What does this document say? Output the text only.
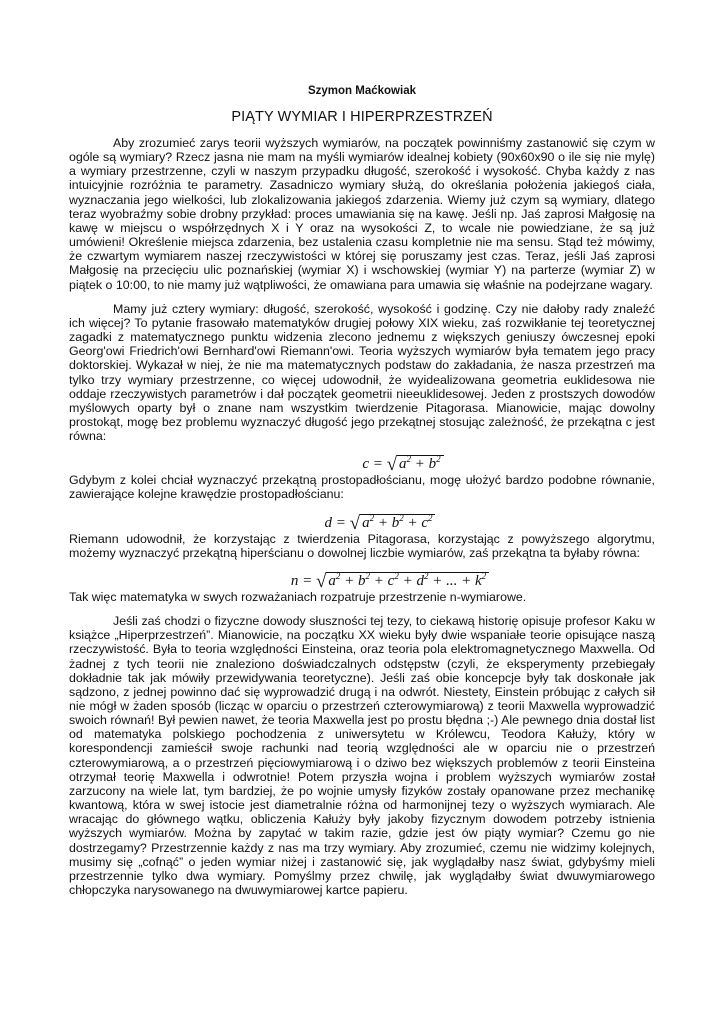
Szymon Maćkowiak
PIĄTY WYMIAR I HIPERPRZESTRZEŃ

Aby zrozumieć zarys teorii wyższych wymiarów, na początek powinniśmy zastanowić się czym w ogóle są wymiary? Rzecz jasna nie mam na myśli wymiarów idealnej kobiety (90x60x90 o ile się nie mylę) a wymiary przestrzenne, czyli w naszym przypadku długość, szerokość i wysokość. Chyba każdy z nas intuicyjnie rozróżnia te parametry. Zasadniczo wymiary służą, do określania położenia jakiegoś ciała, wyznaczania jego wielkości, lub zlokalizowania jakiegoś zdarzenia. Wiemy już czym są wymiary, dlatego teraz wyobraźmy sobie drobny przykład: proces umawiania się na kawę. Jeśli np. Jaś zaprosi Małgosię na kawę w miejscu o współrzędnych X i Y oraz na wysokości Z, to wcale nie powiedziane, że są już umówieni! Określenie miejsca zdarzenia, bez ustalenia czasu kompletnie nie ma sensu. Stąd też mówimy, że czwartym wymiarem naszej rzeczywistości w której się poruszamy jest czas. Teraz, jeśli Jaś zaprosi Małgosię na przecięciu ulic poznańskiej (wymiar X) i wschowskiej (wymiar Y) na parterze (wymiar Z) w piątek o 10:00, to nie mamy już wątpliwości, że omawiana para umawia się właśnie na podejrzane wagary.

Mamy już cztery wymiary: długość, szerokość, wysokość i godzinę. Czy nie dałoby rady znaleźć ich więcej? To pytanie frasowało matematyków drugiej połowy XIX wieku, zaś rozwikłanie tej teoretycznej zagadki z matematycznego punktu widzenia zlecono jednemu z większych geniuszy ówczesnej epoki Georg'owi Friedrich'owi Bernhard'owi Riemann'owi. Teoria wyższych wymiarów była tematem jego pracy doktorskiej. Wykazał w niej, że nie ma matematycznych podstaw do zakładania, że nasza przestrzeń ma tylko trzy wymiary przestrzenne, co więcej udowodnił, że wyidealizowana geometria euklidesowa nie oddaje rzeczywistych parametrów i dał początek geometrii nieeuklidesowej. Jeden z prostszych dowodów myślowych oparty był o znane nam wszystkim twierdzenie Pitagorasa. Mianowicie, mając dowolny prostokąt, mogę bez problemu wyznaczyć długość jego przekątnej stosując zależność, że przekątna c jest równa:

c = √ $a^2 + b^2$

Gdybym z kolei chciał wyznaczyć przekątną prostopadłościanu, mogę ułożyć bardzo podobne równanie, zawierające kolejne krawędzie prostopadłościanu:

d = √ $a^2 + b^2 + c^2$

Riemann udowodnił, że korzystając z twierdzenia Pitagorasa, korzystając z powyższego algorytmu, możemy wyznaczyć przekątną hiperścianu o dowolnej liczbie wymiarów, zaś przekątna ta byłaby równa:

n = √ $a^2 + b^2 + c^2 + d^2$ + ... + $k^2$

Tak więc matematyka w swych rozważaniach rozpatruje przestrzenie n-wymiarowe.

Jeśli zaś chodzi o fizyczne dowody słuszności tej tezy, to ciekawą historię opisuje profesor Kaku w książce „Hiperprzestrzeń”. Mianowicie, na początku XX wieku były dwie wspaniałe teorie opisujące naszą rzeczywistość. Była to teoria względności Einsteina, oraz teoria pola elektromagnetycznego Maxwella. Od żadnej z tych teorii nie znaleziono doświadczalnych odstępstw (czyli, że eksperymenty przebiegały dokładnie tak jak mówiły przewidywania teoretyczne). Jeśli zaś obie koncepcje były tak doskonałe jak sądzono, z jednej powinno dać się wyprowadzić drugą i na odwrót. Niestety, Einstein próbując z całych sił nie mógł w żaden sposób (licząc w oparciu o przestrzeń czterowymiarową) z teorii Maxwella wyprowadzić swoich równań! Był pewien nawet, że teoria Maxwella jest po prostu błędna ;-) Ale pewnego dnia dostał list od matematyka polskiego pochodzenia z uniwersytetu w Królewcu, Teodora Kałuży, który w korespondencji zamieścił swoje rachunki nad teorią względności ale w oparciu nie o przestrzeń czterowymiarową, a o przestrzeń pięciowymiarową i o dziwo bez większych problemów z teorii Einsteina otrzymał teorię Maxwella i odwrotnie! Potem przyszła wojna i problem wyższych wymiarów został zarzucony na wiele lat, tym bardziej, że po wojnie umysły fizyków zostały opanowane przez mechanikę kwantową, która w swej istocie jest diametralnie różna od harmonijnej tezy o wyższych wymiarach. Ale wracając do głównego wątku, obliczenia Kałuży były jakoby fizycznym dowodem potrzeby istnienia wyższych wymiarów. Można by zapytać w takim razie, gdzie jest ów piąty wymiar? Czemu go nie dostrzegamy? Przestrzennie każdy z nas ma trzy wymiary. Aby zrozumieć, czemu nie widzimy kolejnych, musimy się „cofnąć” o jeden wymiar niżej i zastanowić się, jak wyglądałby nasz świat, gdybyśmy mieli przestrzennie tylko dwa wymiary. Pomyślmy przez chwilę, jak wyglądałby świat dwuwymiarowego chłopczyka narysowanego na dwuwymiarowej kartce papieru.
